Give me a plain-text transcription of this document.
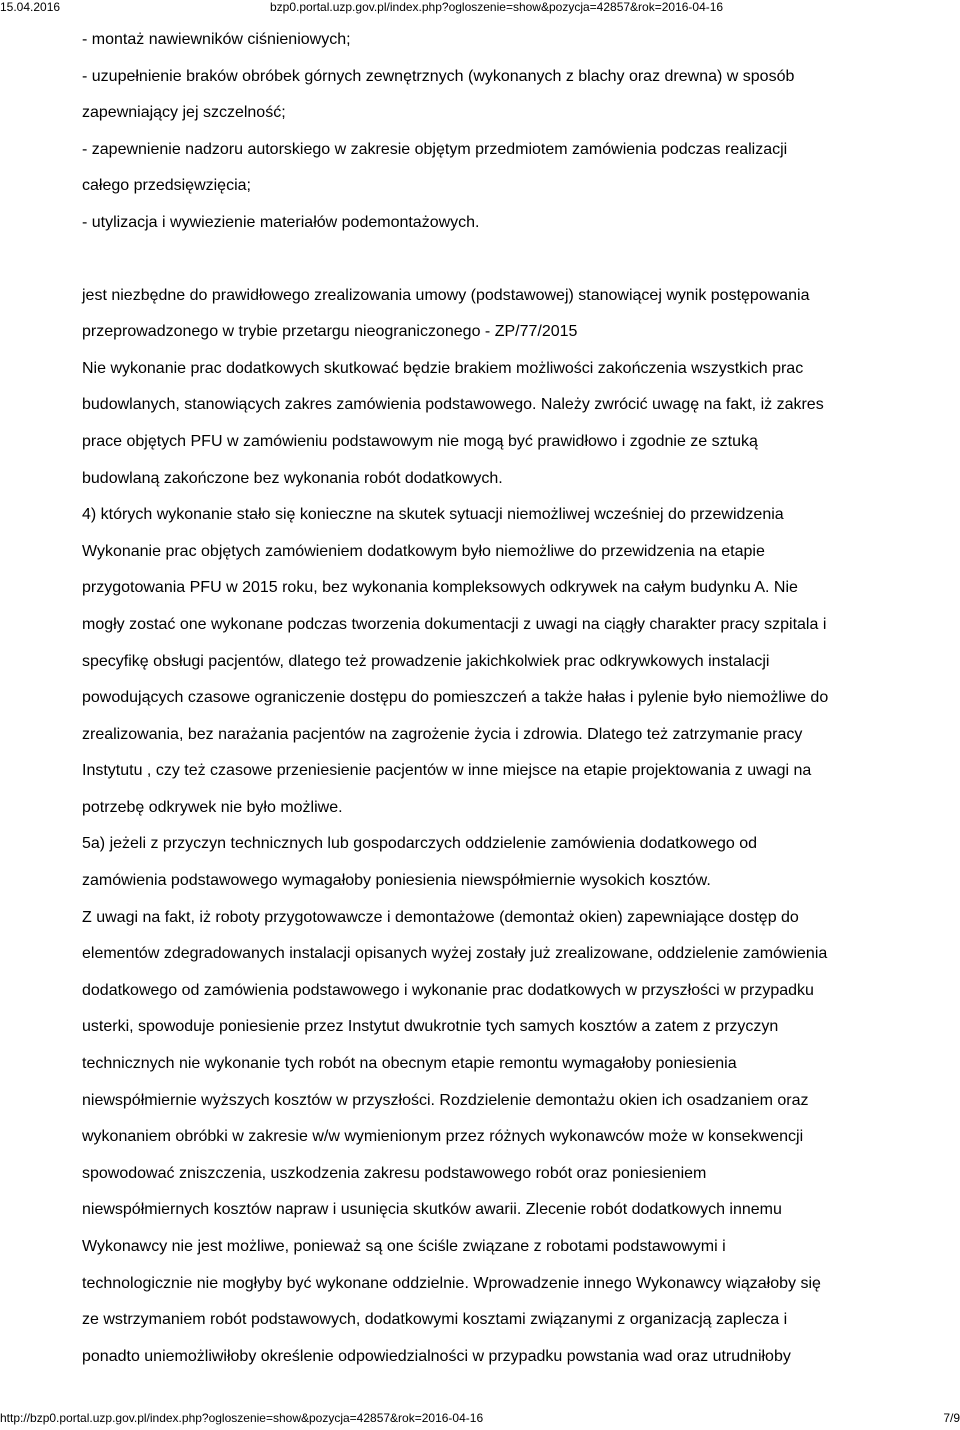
15.04.2016	bzp0.portal.uzp.gov.pl/index.php?ogloszenie=show&pozycja=42857&rok=2016-04-16

- montaż nawiewników ciśnieniowych;

- uzupełnienie braków obróbek górnych zewnętrznych (wykonanych z blachy oraz drewna) w sposób

zapewniający jej szczelność;

- zapewnienie nadzoru autorskiego w zakresie objętym przedmiotem zamówienia podczas realizacji

całego przedsięwzięcia;

- utylizacja i wywiezienie materiałów podemontażowych.

jest niezbędne do prawidłowego zrealizowania umowy (podstawowej) stanowiącej wynik postępowania

przeprowadzonego w trybie przetargu nieograniczonego - ZP/77/2015

Nie wykonanie prac dodatkowych skutkować będzie brakiem możliwości zakończenia wszystkich prac

budowlanych, stanowiących zakres zamówienia podstawowego. Należy zwrócić uwagę na fakt, iż zakres

prace objętych PFU w zamówieniu podstawowym nie mogą być prawidłowo i zgodnie ze sztuką

budowlaną zakończone bez wykonania robót dodatkowych.

4) których wykonanie stało się konieczne na skutek sytuacji niemożliwej wcześniej do przewidzenia

Wykonanie prac objętych zamówieniem dodatkowym było niemożliwe do przewidzenia na etapie

przygotowania PFU w 2015 roku, bez wykonania kompleksowych odkrywek na całym budynku A. Nie

mogły zostać one wykonane podczas tworzenia dokumentacji z uwagi na ciągły charakter pracy szpitala i

specyfikę obsługi pacjentów, dlatego też prowadzenie jakichkolwiek prac odkrywkowych instalacji

powodujących czasowe ograniczenie dostępu do pomieszczeń a także hałas i pylenie było niemożliwe do

zrealizowania, bez narażania pacjentów na zagrożenie życia i zdrowia. Dlatego też zatrzymanie pracy

Instytutu , czy też czasowe przeniesienie pacjentów w inne miejsce na etapie projektowania z uwagi na

potrzebę odkrywek nie było możliwe.

5a) jeżeli z przyczyn technicznych lub gospodarczych oddzielenie zamówienia dodatkowego od

zamówienia podstawowego wymagałoby poniesienia niewspółmiernie wysokich kosztów.

Z uwagi na fakt, iż roboty przygotowawcze i demontażowe (demontaż okien) zapewniające dostęp do

elementów zdegradowanych instalacji opisanych wyżej zostały już zrealizowane, oddzielenie zamówienia

dodatkowego od zamówienia podstawowego i wykonanie prac dodatkowych w przyszłości w przypadku

usterki, spowoduje poniesienie przez Instytut dwukrotnie tych samych kosztów a zatem z przyczyn

technicznych nie wykonanie tych robót na obecnym etapie remontu wymagałoby poniesienia

niewspółmiernie wyższych kosztów w przyszłości. Rozdzielenie demontażu okien ich osadzaniem oraz

wykonaniem obróbki w zakresie w/w wymienionym przez różnych wykonawców może w konsekwencji

spowodować zniszczenia, uszkodzenia zakresu podstawowego robót oraz poniesieniem

niewspółmiernych kosztów napraw i usunięcia skutków awarii. Zlecenie robót dodatkowych innemu

Wykonawcy nie jest możliwe, ponieważ są one ściśle związane z robotami podstawowymi i

technologicznie nie mogłyby być wykonane oddzielnie. Wprowadzenie innego Wykonawcy wiązałoby się

ze wstrzymaniem robót podstawowych, dodatkowymi kosztami związanymi z organizacją zaplecza i

ponadto uniemożliwiłoby określenie odpowiedzialności w przypadku powstania wad oraz utrudniłoby

http://bzp0.portal.uzp.gov.pl/index.php?ogloszenie=show&pozycja=42857&rok=2016-04-16	7/9
